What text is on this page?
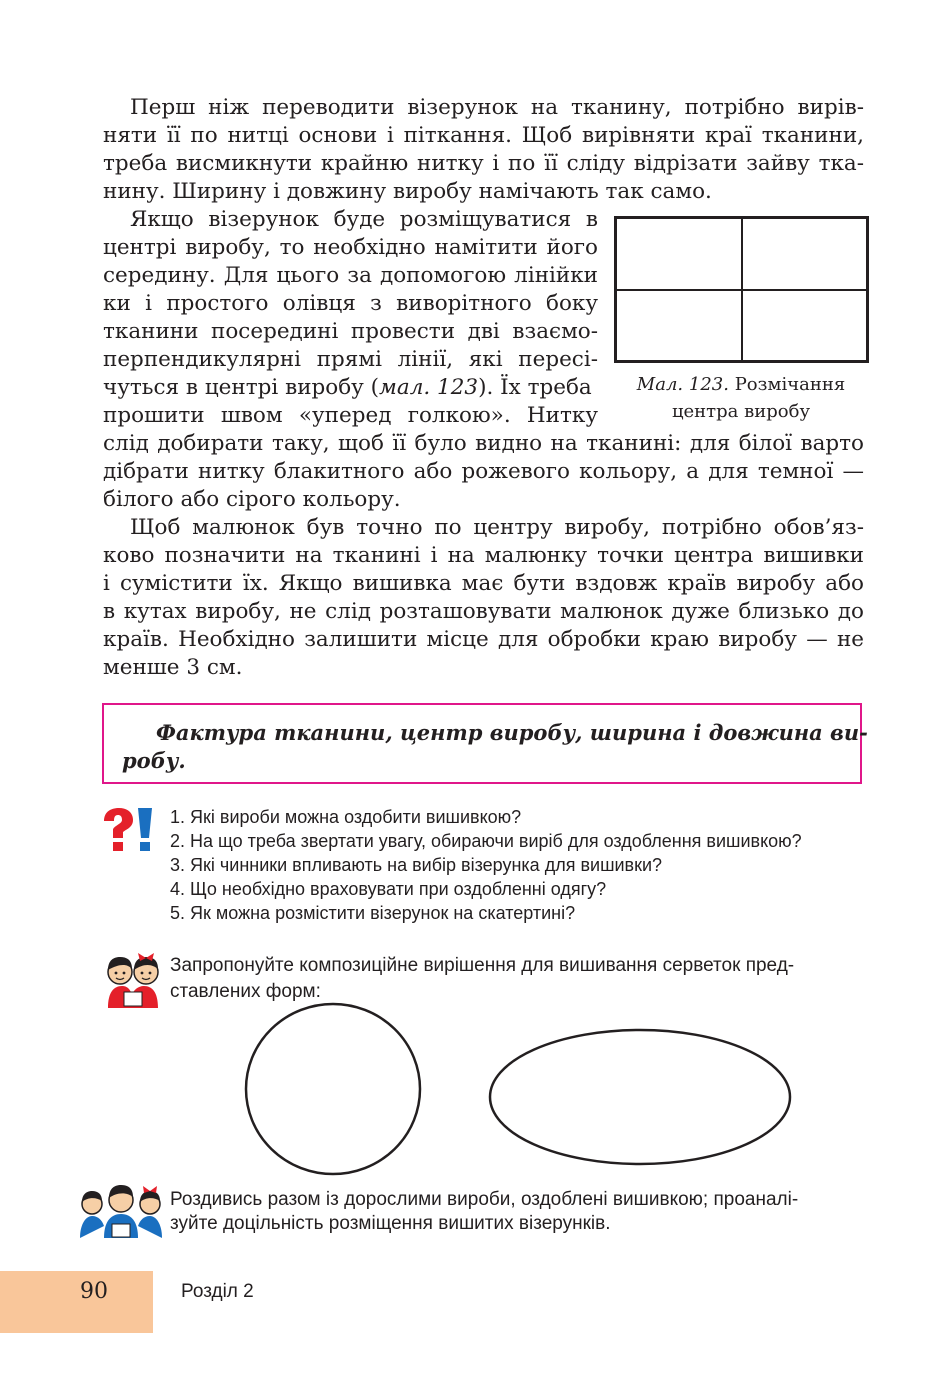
Перш ніж переводити візерунок на тканину, потрібно вирів-
няти її по нитці основи і піткання. Щоб вирівняти краї тканини,
треба висмикнути крайню нитку і по її сліду відрізати зайву тка-
нину. Ширину і довжину виробу намічають так само.
Якщо візерунок буде розміщуватися в
центрі виробу, то необхідно намітити його
середину. Для цього за допомогою лінійки
ки і простого олівця з виворітного боку
тканини посередині провести дві взаємо-
перпендикулярні прямі лінії, які пересі-
чуться в центрі виробу (мал. 123). Їх треба
прошити швом «уперед голкою». Нитку
слід добирати таку, щоб її було видно на тканині: для білої варто
дібрати нитку блакитного або рожевого кольору, а для темної —
білого або сірого кольору.
Мал. 123. Розмічання
центра виробу
Щоб малюнок був точно по центру виробу, потрібно обов’яз-
ково позначити на тканині і на малюнку точки центра вишивки
і сумістити їх. Якщо вишивка має бути вздовж країв виробу або
в кутах виробу, не слід розташовувати малюнок дуже близько до
країв. Необхідно залишити місце для обробки краю виробу — не
менше 3 см.
Фактура тканини, центр виробу, ширина і довжина ви-
робу.
1. Які вироби можна оздобити вишивкою?
2. На що треба звертати увагу, обираючи виріб для оздоблення вишивкою?
3. Які чинники впливають на вибір візерунка для вишивки?
4. Що необхідно враховувати при оздобленні одягу?
5. Як можна розмістити візерунок на скатертині?
Запропонуйте композиційне вирішення для вишивання серветок пред-
ставлених форм:
Роздивись разом із дорослими вироби, оздоблені вишивкою; проаналі-
зуйте доцільність розміщення вишитих візерунків.
90	Розділ 2
